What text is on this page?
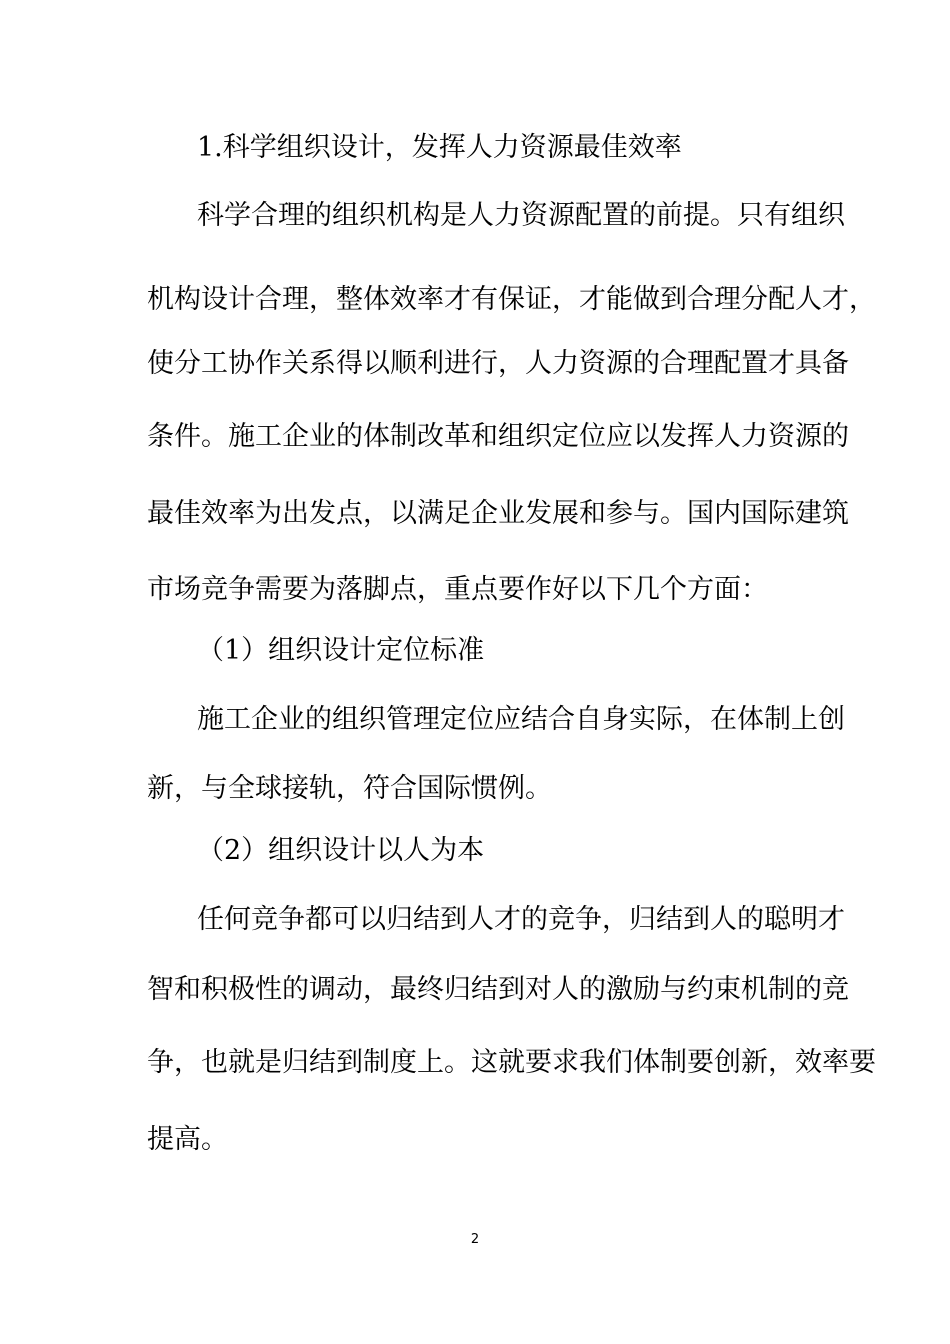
1.科学组织设计，发挥人力资源最佳效率

科学合理的组织机构是人力资源配置的前提。只有组织

机构设计合理，整体效率才有保证，才能做到合理分配人才，

使分工协作关系得以顺利进行，人力资源的合理配置才具备

条件。施工企业的体制改革和组织定位应以发挥人力资源的

最佳效率为出发点，以满足企业发展和参与。国内国际建筑

市场竞争需要为落脚点，重点要作好以下几个方面：

（1）组织设计定位标准

施工企业的组织管理定位应结合自身实际，在体制上创

新，与全球接轨，符合国际惯例。

（2）组织设计以人为本

任何竞争都可以归结到人才的竞争，归结到人的聪明才

智和积极性的调动，最终归结到对人的激励与约束机制的竞

争，也就是归结到制度上。这就要求我们体制要创新，效率要

提高。

2
